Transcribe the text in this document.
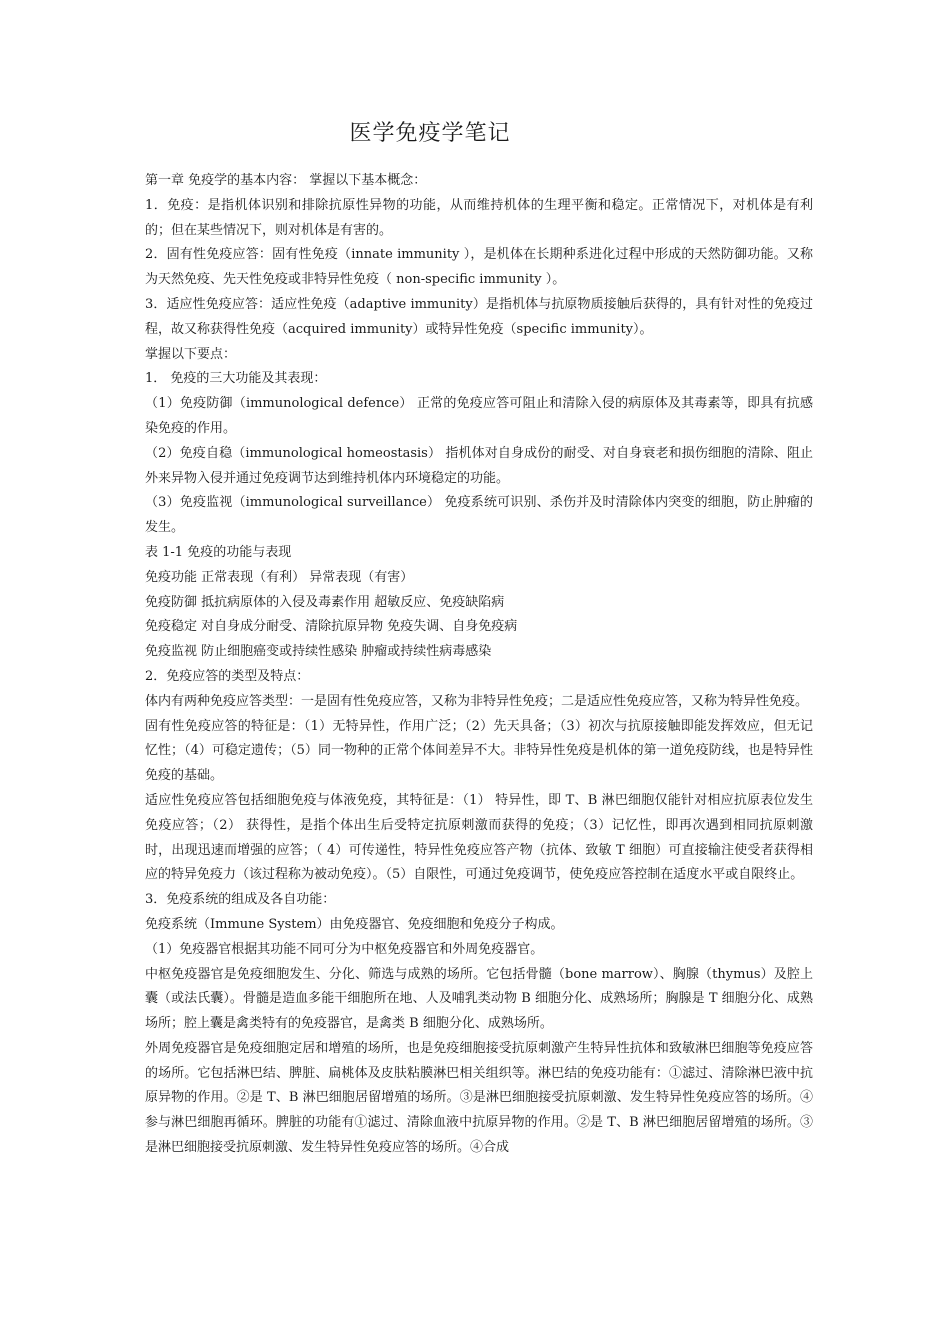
医学免疫学笔记

第一章 免疫学的基本内容： 掌握以下基本概念：

1．免疫：是指机体识别和排除抗原性异物的功能，从而维持机体的生理平衡和稳定。正常情况下，对机体是有利的；但在某些情况下，则对机体是有害的。

2．固有性免疫应答：固有性免疫（innate immunity ），是机体在长期种系进化过程中形成的天然防御功能。又称为天然免疫、先天性免疫或非特异性免疫（ non-specific immunity ）。

3．适应性免疫应答：适应性免疫（adaptive immunity）是指机体与抗原物质接触后获得的，具有针对性的免疫过程，故又称获得性免疫（acquired immunity）或特异性免疫（specific immunity）。

掌握以下要点：

1． 免疫的三大功能及其表现：

（1）免疫防御（immunological defence） 正常的免疫应答可阻止和清除入侵的病原体及其毒素等，即具有抗感染免疫的作用。

（2）免疫自稳（immunological homeostasis） 指机体对自身成份的耐受、对自身衰老和损伤细胞的清除、阻止外来异物入侵并通过免疫调节达到维持机体内环境稳定的功能。

（3）免疫监视（immunological surveillance） 免疫系统可识别、杀伤并及时清除体内突变的细胞，防止肿瘤的发生。

表 1-1 免疫的功能与表现

免疫功能 正常表现（有利） 异常表现（有害）

免疫防御 抵抗病原体的入侵及毒素作用 超敏反应、免疫缺陷病

免疫稳定 对自身成分耐受、清除抗原异物 免疫失调、自身免疫病

免疫监视 防止细胞癌变或持续性感染 肿瘤或持续性病毒感染

2．免疫应答的类型及特点：

体内有两种免疫应答类型：一是固有性免疫应答，又称为非特异性免疫；二是适应性免疫应答，又称为特异性免疫。

固有性免疫应答的特征是：（1）无特异性，作用广泛；（2）先天具备；（3）初次与抗原接触即能发挥效应，但无记忆性；（4）可稳定遗传；（5）同一物种的正常个体间差异不大。非特异性免疫是机体的第一道免疫防线，也是特异性免疫的基础。

适应性免疫应答包括细胞免疫与体液免疫，其特征是：（1） 特异性，即 T、B 淋巴细胞仅能针对相应抗原表位发生免疫应答；（2） 获得性，是指个体出生后受特定抗原刺激而获得的免疫；（3）记忆性，即再次遇到相同抗原刺激时，出现迅速而增强的应答；（ 4）可传递性，特异性免疫应答产物（抗体、致敏 T 细胞）可直接输注使受者获得相应的特异免疫力（该过程称为被动免疫）。（5）自限性，可通过免疫调节，使免疫应答控制在适度水平或自限终止。

3．免疫系统的组成及各自功能：

免疫系统（Immune System）由免疫器官、免疫细胞和免疫分子构成。

（1）免疫器官根据其功能不同可分为中枢免疫器官和外周免疫器官。

中枢免疫器官是免疫细胞发生、分化、筛选与成熟的场所。它包括骨髓（bone marrow）、胸腺（thymus）及腔上囊（或法氏囊）。骨髓是造血多能干细胞所在地、人及哺乳类动物 B 细胞分化、成熟场所；胸腺是 T 细胞分化、成熟场所；腔上囊是禽类特有的免疫器官，是禽类 B 细胞分化、成熟场所。

外周免疫器官是免疫细胞定居和增殖的场所，也是免疫细胞接受抗原刺激产生特异性抗体和致敏淋巴细胞等免疫应答的场所。它包括淋巴结、脾脏、扁桃体及皮肤粘膜淋巴相关组织等。淋巴结的免疫功能有：①滤过、清除淋巴液中抗原异物的作用。②是 T、B 淋巴细胞居留增殖的场所。③是淋巴细胞接受抗原刺激、发生特异性免疫应答的场所。④参与淋巴细胞再循环。脾脏的功能有①滤过、清除血液中抗原异物的作用。②是 T、B 淋巴细胞居留增殖的场所。③是淋巴细胞接受抗原刺激、发生特异性免疫应答的场所。④合成
